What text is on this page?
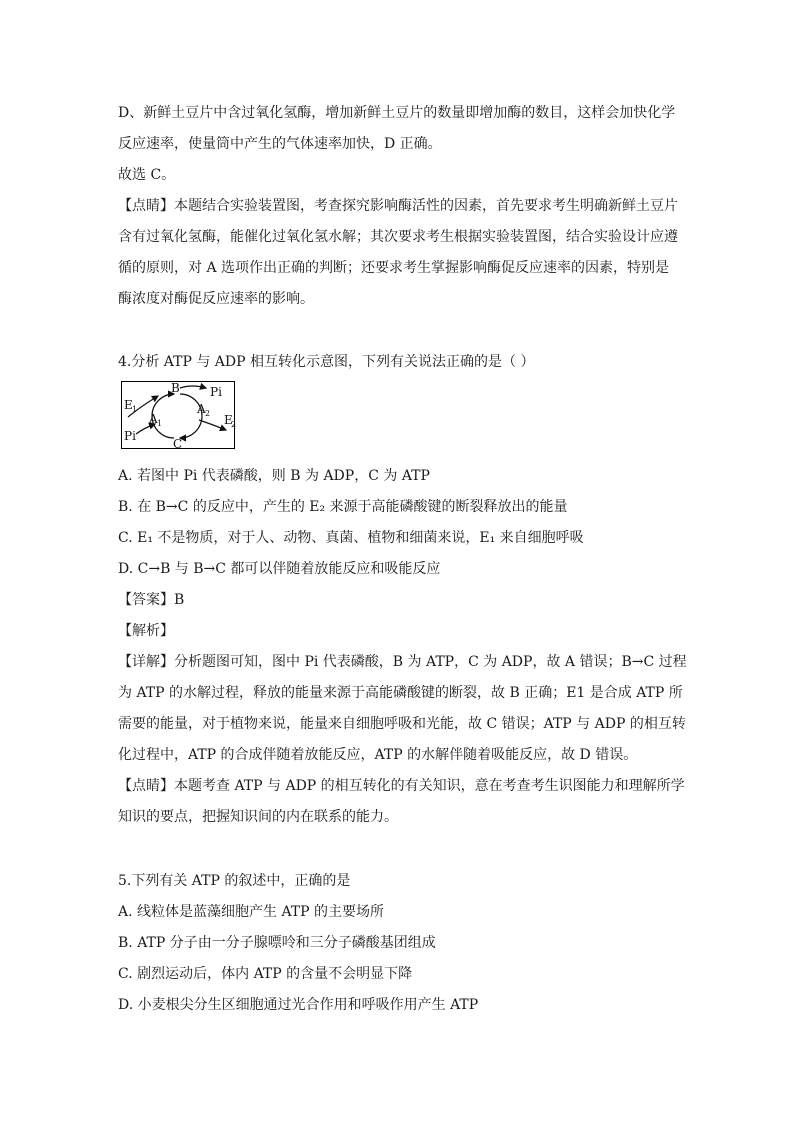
D、新鲜土豆片中含过氧化氢酶，增加新鲜土豆片的数量即增加酶的数目，这样会加快化学
反应速率，使量筒中产生的气体速率加快，D 正确。
故选 C。
【点睛】本题结合实验装置图，考查探究影响酶活性的因素，首先要求考生明确新鲜土豆片
含有过氧化氢酶，能催化过氧化氢水解；其次要求考生根据实验装置图，结合实验设计应遵
循的原则，对 A 选项作出正确的判断；还要求考生掌握影响酶促反应速率的因素，特别是
酶浓度对酶促反应速率的影响。
4.分析 ATP 与 ADP 相互转化示意图，下列有关说法正确的是（ ）
B
C
Pi
Pi
E 1
E
2
A 1
A 2
A. 若图中 Pi 代表磷酸，则 B 为 ADP，C 为 ATP
B. 在 B→C 的反应中，产生的 E₂ 来源于高能磷酸键的断裂释放出的能量
C. E₁ 不是物质，对于人、动物、真菌、植物和细菌来说，E₁ 来自细胞呼吸
D. C→B 与 B→C 都可以伴随着放能反应和吸能反应
【答案】B
【解析】
【详解】分析题图可知，图中 Pi 代表磷酸，B 为 ATP，C 为 ADP，故 A 错误；B→C 过程
为 ATP 的水解过程，释放的能量来源于高能磷酸键的断裂，故 B 正确；E1 是合成 ATP 所
需要的能量，对于植物来说，能量来自细胞呼吸和光能，故 C 错误；ATP 与 ADP 的相互转
化过程中，ATP 的合成伴随着放能反应，ATP 的水解伴随着吸能反应，故 D 错误。
【点睛】本题考查 ATP 与 ADP 的相互转化的有关知识，意在考查考生识图能力和理解所学
知识的要点，把握知识间的内在联系的能力。
5.下列有关 ATP 的叙述中，正确的是
A. 线粒体是蓝藻细胞产生 ATP 的主要场所
B. ATP 分子由一分子腺嘌呤和三分子磷酸基团组成
C. 剧烈运动后，体内 ATP 的含量不会明显下降
D. 小麦根尖分生区细胞通过光合作用和呼吸作用产生 ATP
